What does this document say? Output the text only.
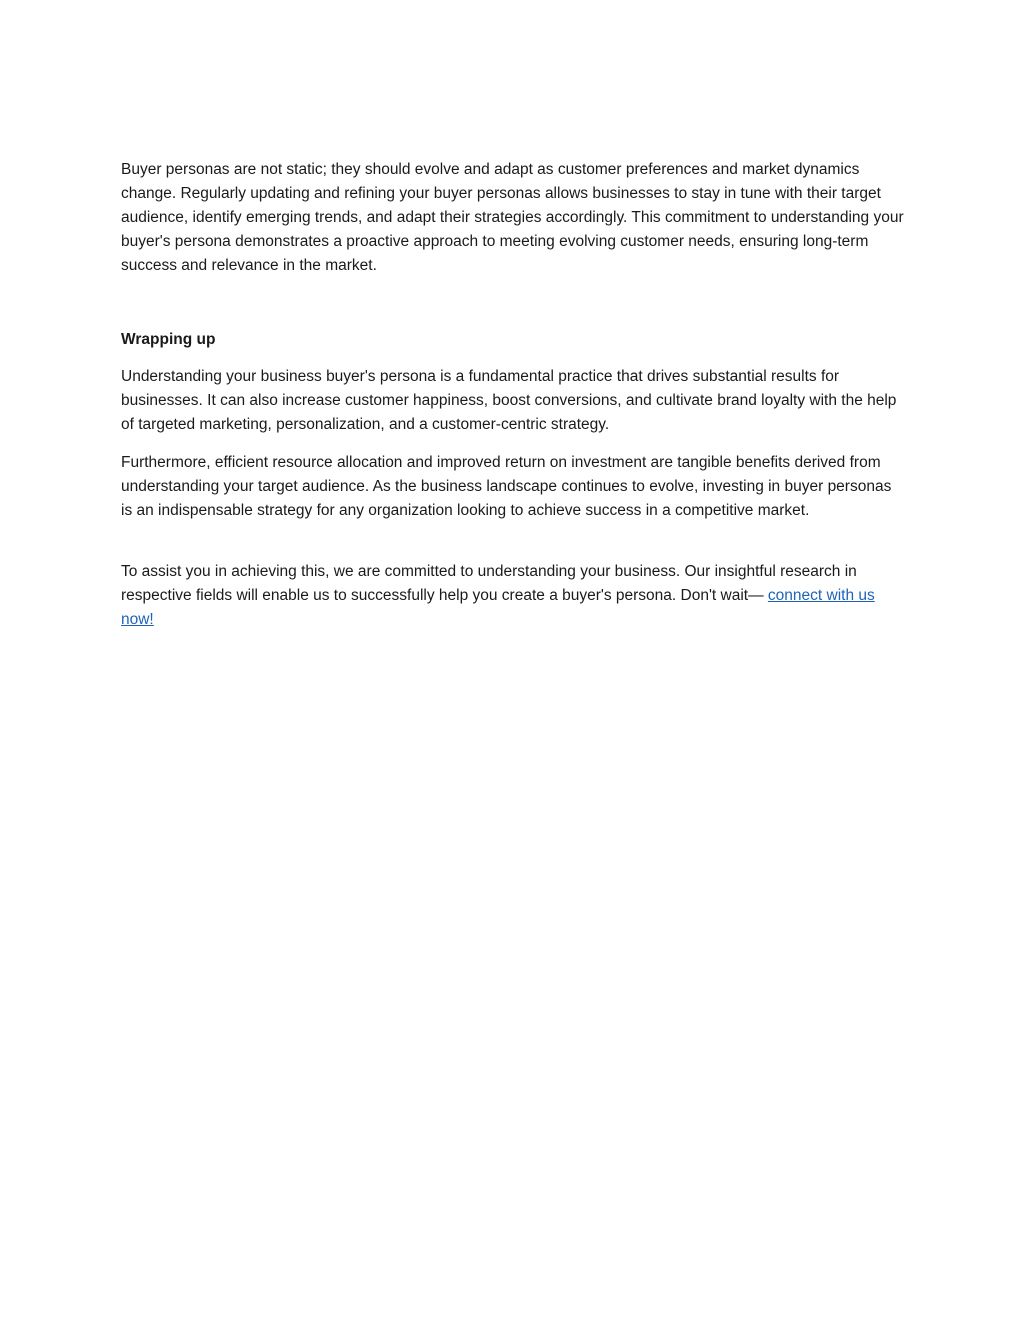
Buyer personas are not static; they should evolve and adapt as customer preferences and market dynamics change. Regularly updating and refining your buyer personas allows businesses to stay in tune with their target audience, identify emerging trends, and adapt their strategies accordingly. This commitment to understanding your buyer's persona demonstrates a proactive approach to meeting evolving customer needs, ensuring long-term success and relevance in the market.

Wrapping up

Understanding your business buyer's persona is a fundamental practice that drives substantial results for businesses. It can also increase customer happiness, boost conversions, and cultivate brand loyalty with the help of targeted marketing, personalization, and a customer-centric strategy.

Furthermore, efficient resource allocation and improved return on investment are tangible benefits derived from understanding your target audience. As the business landscape continues to evolve, investing in buyer personas is an indispensable strategy for any organization looking to achieve success in a competitive market.

To assist you in achieving this, we are committed to understanding your business. Our insightful research in respective fields will enable us to successfully help you create a buyer's persona. Don't wait— connect with us now!
